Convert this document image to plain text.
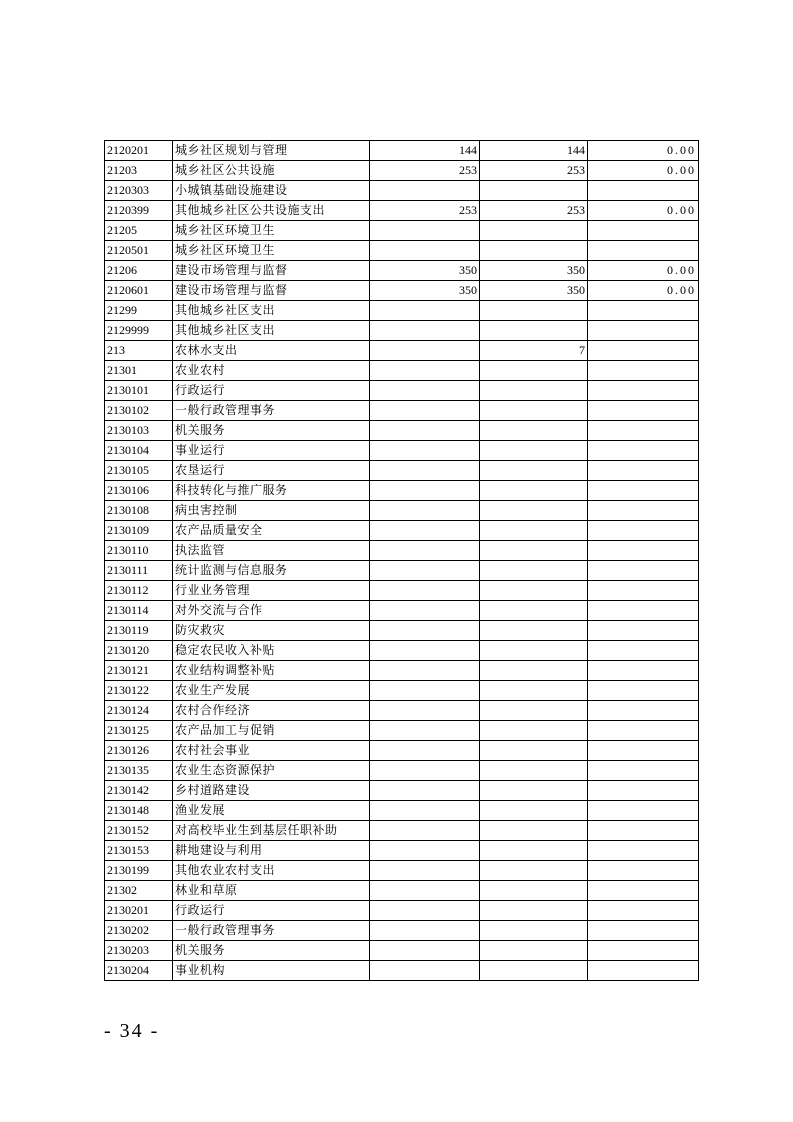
2120201	城乡社区规划与管理	144	144	0.00
21203	城乡社区公共设施	253	253	0.00
2120303	小城镇基础设施建设			
2120399	其他城乡社区公共设施支出	253	253	0.00
21205	城乡社区环境卫生			
2120501	城乡社区环境卫生			
21206	建设市场管理与监督	350	350	0.00
2120601	建设市场管理与监督	350	350	0.00
21299	其他城乡社区支出			
2129999	其他城乡社区支出			
213	农林水支出		7	
21301	农业农村			
2130101	行政运行			
2130102	一般行政管理事务			
2130103	机关服务			
2130104	事业运行			
2130105	农垦运行			
2130106	科技转化与推广服务			
2130108	病虫害控制			
2130109	农产品质量安全			
2130110	执法监管			
2130111	统计监测与信息服务			
2130112	行业业务管理			
2130114	对外交流与合作			
2130119	防灾救灾			
2130120	稳定农民收入补贴			
2130121	农业结构调整补贴			
2130122	农业生产发展			
2130124	农村合作经济			
2130125	农产品加工与促销			
2130126	农村社会事业			
2130135	农业生态资源保护			
2130142	乡村道路建设			
2130148	渔业发展			
2130152	对高校毕业生到基层任职补助			
2130153	耕地建设与利用			
2130199	其他农业农村支出			
21302	林业和草原			
2130201	行政运行			
2130202	一般行政管理事务			
2130203	机关服务			
2130204	事业机构			
- 34 -
